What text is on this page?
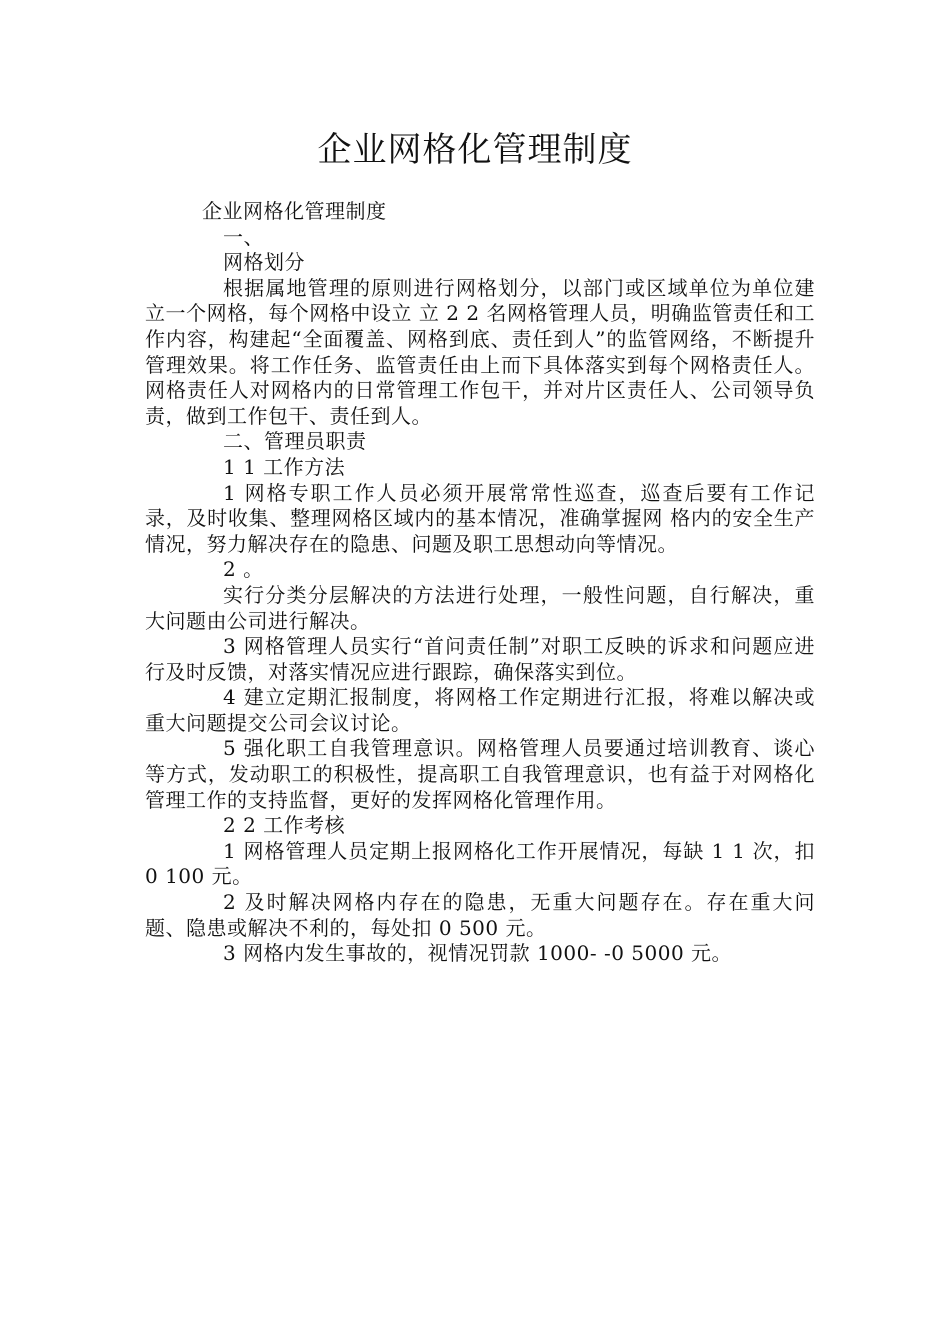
企业网格化管理制度

企业网格化管理制度

一、

网格划分

根据属地管理的原则进行网格划分，以部门或区域单位为单位建立一个网格，每个网格中设立 立 2 2 名网格管理人员，明确监管责任和工作内容，构建起“全面覆盖、网格到底、责任到人”的监管网络，不断提升管理效果。将工作任务、监管责任由上而下具体落实到每个网格责任人。网格责任人对网格内的日常管理工作包干，并对片区责任人、公司领导负责，做到工作包干、责任到人。

二、管理员职责

1 1 工作方法

1 网格专职工作人员必须开展常常性巡查，巡查后要有工作记录，及时收集、整理网格区域内的基本情况，准确掌握网 格内的安全生产情况，努力解决存在的隐患、问题及职工思想动向等情况。

2 。

实行分类分层解决的方法进行处理，一般性问题，自行解决，重大问题由公司进行解决。

3 网格管理人员实行“首问责任制”对职工反映的诉求和问题应进行及时反馈，对落实情况应进行跟踪，确保落实到位。

4 建立定期汇报制度，将网格工作定期进行汇报，将难以解决或重大问题提交公司会议讨论。

5 强化职工自我管理意识。网格管理人员要通过培训教育、谈心等方式，发动职工的积极性，提高职工自我管理意识，也有益于对网格化管理工作的支持监督，更好的发挥网格化管理作用。

2 2 工作考核

1 网格管理人员定期上报网格化工作开展情况，每缺 1 1 次，扣 0 100 元。

2 及时解决网格内存在的隐患，无重大问题存在。存在重大问题、隐患或解决不利的，每处扣 0 500 元。

3 网格内发生事故的，视情况罚款 1000- -0 5000 元。
